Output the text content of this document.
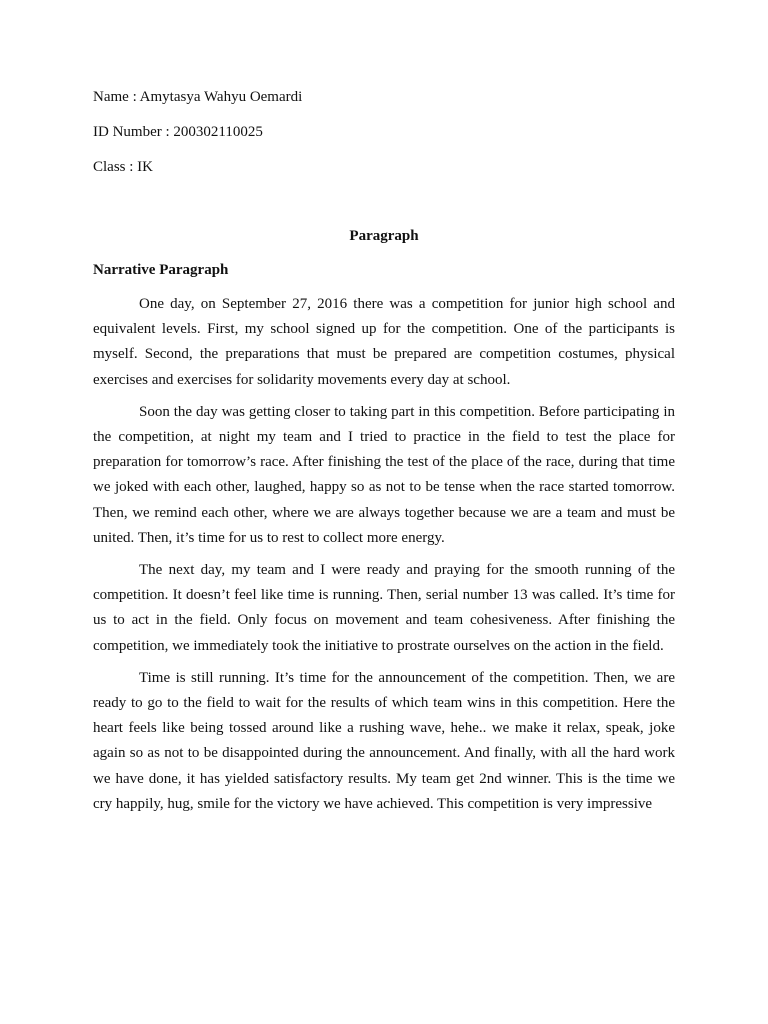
Name : Amytasya Wahyu Oemardi
ID Number : 200302110025
Class : IK
Paragraph
Narrative Paragraph

One day, on September 27, 2016 there was a competition for junior high school and equivalent levels. First, my school signed up for the competition. One of the participants is myself. Second, the preparations that must be prepared are competition costumes, physical exercises and exercises for solidarity movements every day at school.

Soon the day was getting closer to taking part in this competition. Before participating in the competition, at night my team and I tried to practice in the field to test the place for preparation for tomorrow’s race. After finishing the test of the place of the race, during that time we joked with each other, laughed, happy so as not to be tense when the race started tomorrow. Then, we remind each other, where we are always together because we are a team and must be united. Then, it’s time for us to rest to collect more energy.

The next day, my team and I were ready and praying for the smooth running of the competition. It doesn’t feel like time is running. Then, serial number 13 was called. It’s time for us to act in the field. Only focus on movement and team cohesiveness. After finishing the competition, we immediately took the initiative to prostrate ourselves on the action in the field.

Time is still running. It’s time for the announcement of the competition. Then, we are ready to go to the field to wait for the results of which team wins in this competition. Here the heart feels like being tossed around like a rushing wave, hehe.. we make it relax, speak, joke again so as not to be disappointed during the announcement. And finally, with all the hard work we have done, it has yielded satisfactory results. My team get 2nd winner. This is the time we cry happily, hug, smile for the victory we have achieved. This competition is very impressive
